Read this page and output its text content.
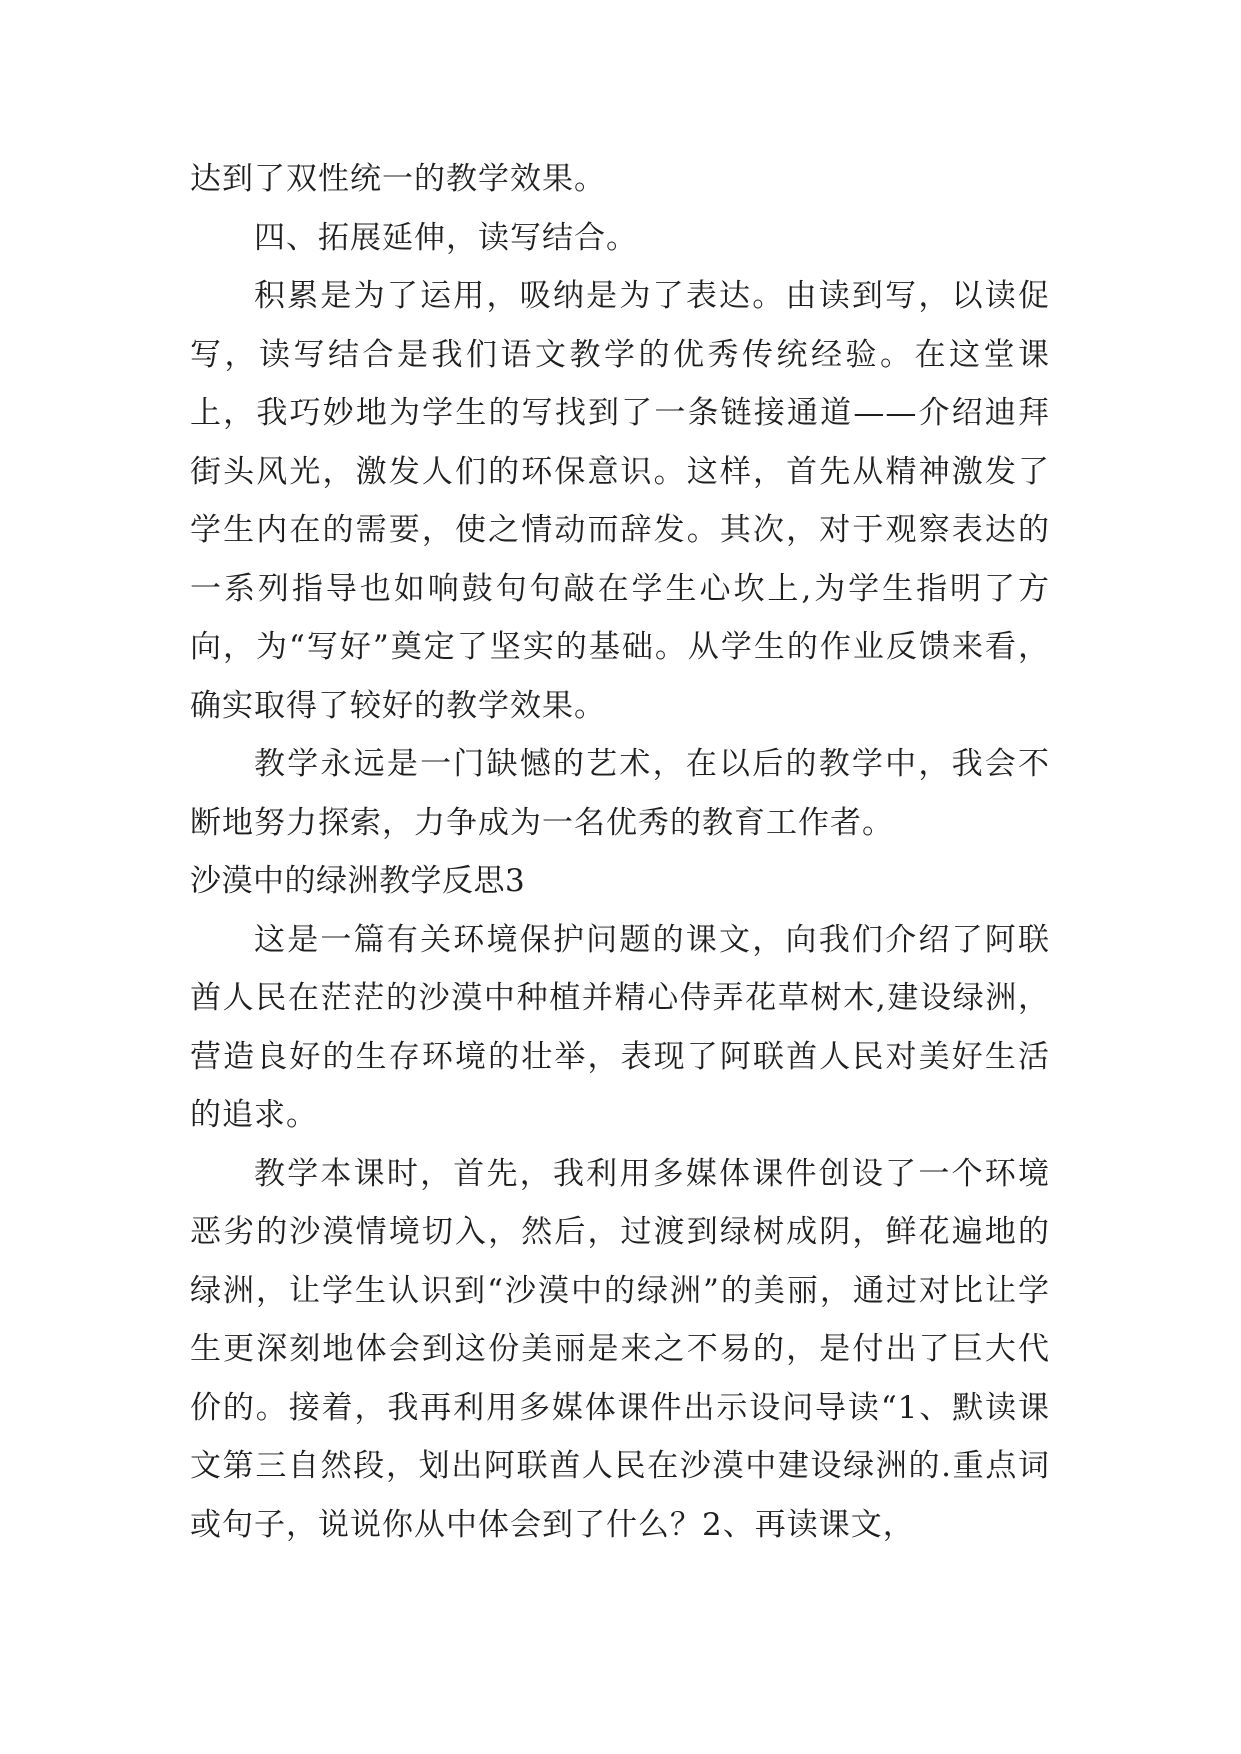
达到了双性统一的教学效果。

四、拓展延伸，读写结合。

积累是为了运用，吸纳是为了表达。由读到写，以读促写，读写结合是我们语文教学的优秀传统经验。在这堂课上，我巧妙地为学生的写找到了一条链接通道——介绍迪拜街头风光，激发人们的环保意识。这样，首先从精神激发了学生内在的需要，使之情动而辞发。其次，对于观察表达的一系列指导也如响鼓句句敲在学生心坎上,为学生指明了方向，为“写好”奠定了坚实的基础。从学生的作业反馈来看，确实取得了较好的教学效果。

教学永远是一门缺憾的艺术，在以后的教学中，我会不断地努力探索，力争成为一名优秀的教育工作者。

沙漠中的绿洲教学反思3

这是一篇有关环境保护问题的课文，向我们介绍了阿联酋人民在茫茫的沙漠中种植并精心侍弄花草树木,建设绿洲，营造良好的生存环境的壮举，表现了阿联酋人民对美好生活的追求。

教学本课时，首先，我利用多媒体课件创设了一个环境恶劣的沙漠情境切入，然后，过渡到绿树成阴，鲜花遍地的绿洲，让学生认识到“沙漠中的绿洲”的美丽，通过对比让学生更深刻地体会到这份美丽是来之不易的，是付出了巨大代价的。接着，我再利用多媒体课件出示设问导读“1、默读课文第三自然段，划出阿联酋人民在沙漠中建设绿洲的.重点词或句子，说说你从中体会到了什么？2、再读课文，
